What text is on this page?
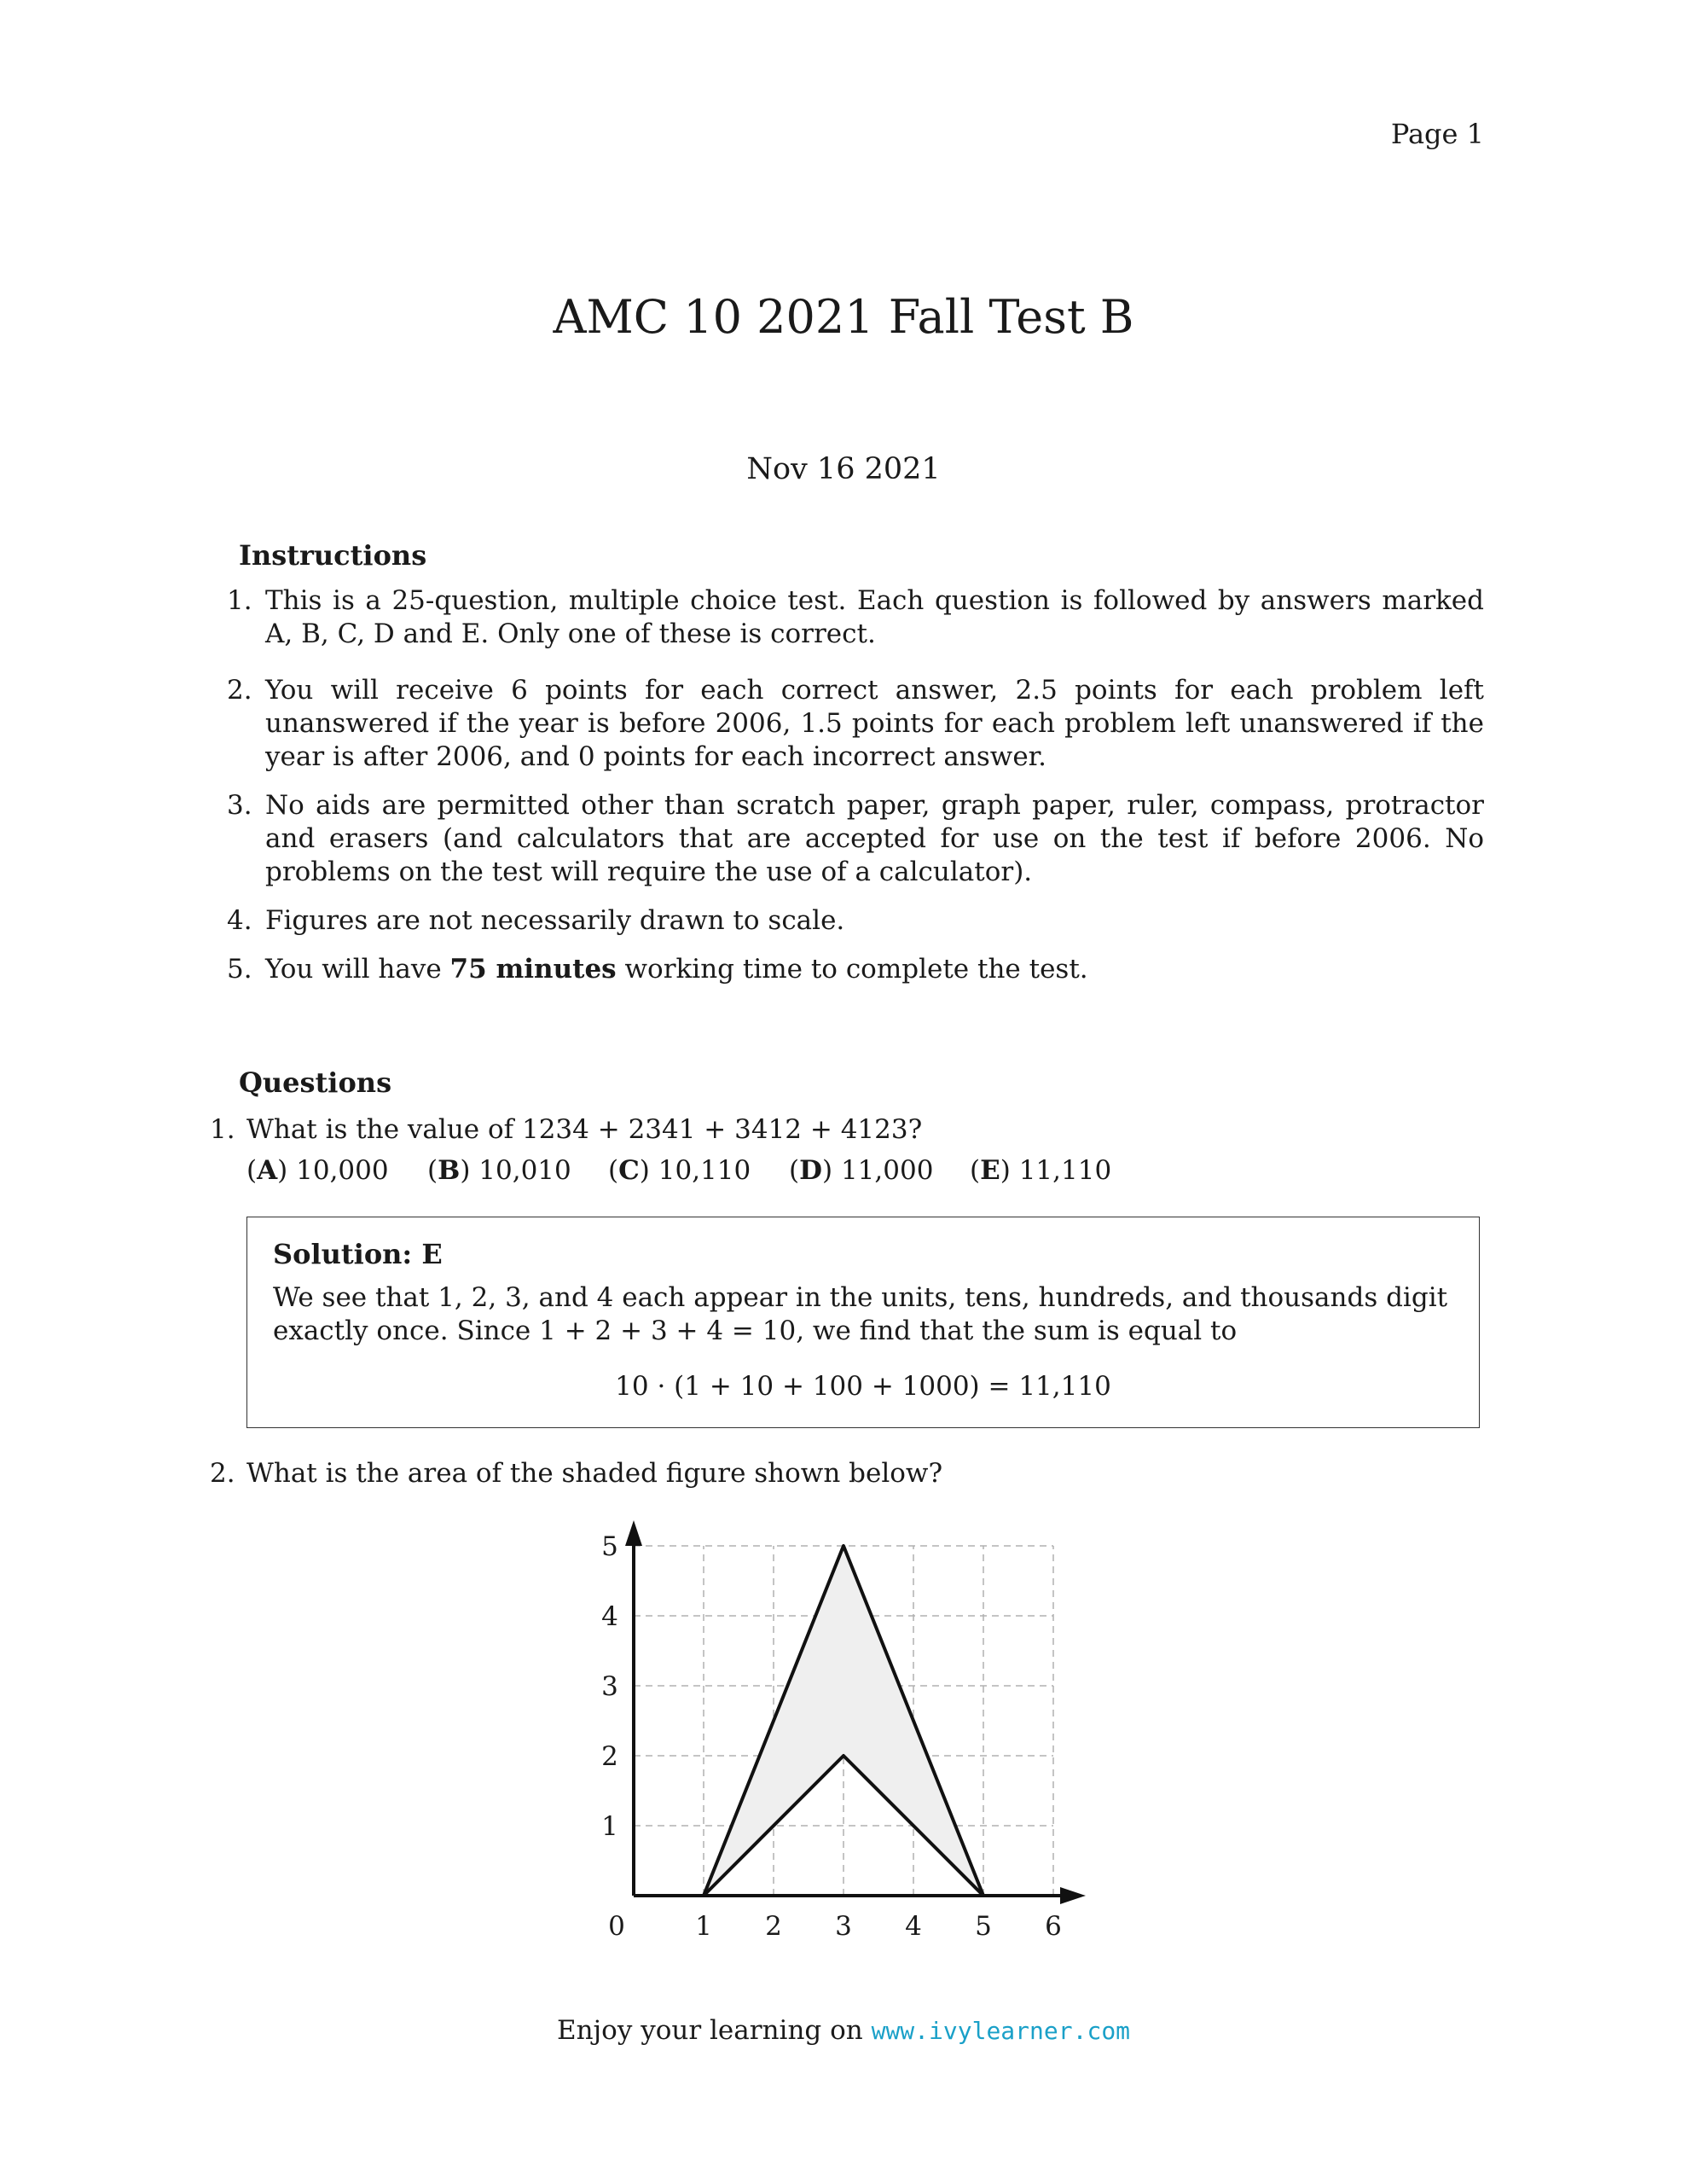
Page 1
AMC 10 2021 Fall Test B
Nov 16 2021
Instructions
1. This is a 25-question, multiple choice test. Each question is followed by answers marked A, B, C, D and E. Only one of these is correct.
2. You will receive 6 points for each correct answer, 2.5 points for each problem left unanswered if the year is before 2006, 1.5 points for each problem left unanswered if the year is after 2006, and 0 points for each incorrect answer.
3. No aids are permitted other than scratch paper, graph paper, ruler, compass, protractor and erasers (and calculators that are accepted for use on the test if before 2006. No problems on the test will require the use of a calculator).
4. Figures are not necessarily drawn to scale.
5. You will have 75 minutes working time to complete the test.
Questions
1. What is the value of 1234 + 2341 + 3412 + 4123?
(A) 10,000 (B) 10,010 (C) 10,110 (D) 11,000 (E) 11,110
Solution: E
We see that 1, 2, 3, and 4 each appear in the units, tens, hundreds, and thousands digit exactly once. Since 1 + 2 + 3 + 4 = 10, we find that the sum is equal to
10 · (1 + 10 + 100 + 1000) = 11,110
2. What is the area of the shaded figure shown below?
0	1 2 3 4 5 6
1
2
3
4
5
Enjoy your learning on www.ivylearner.com
